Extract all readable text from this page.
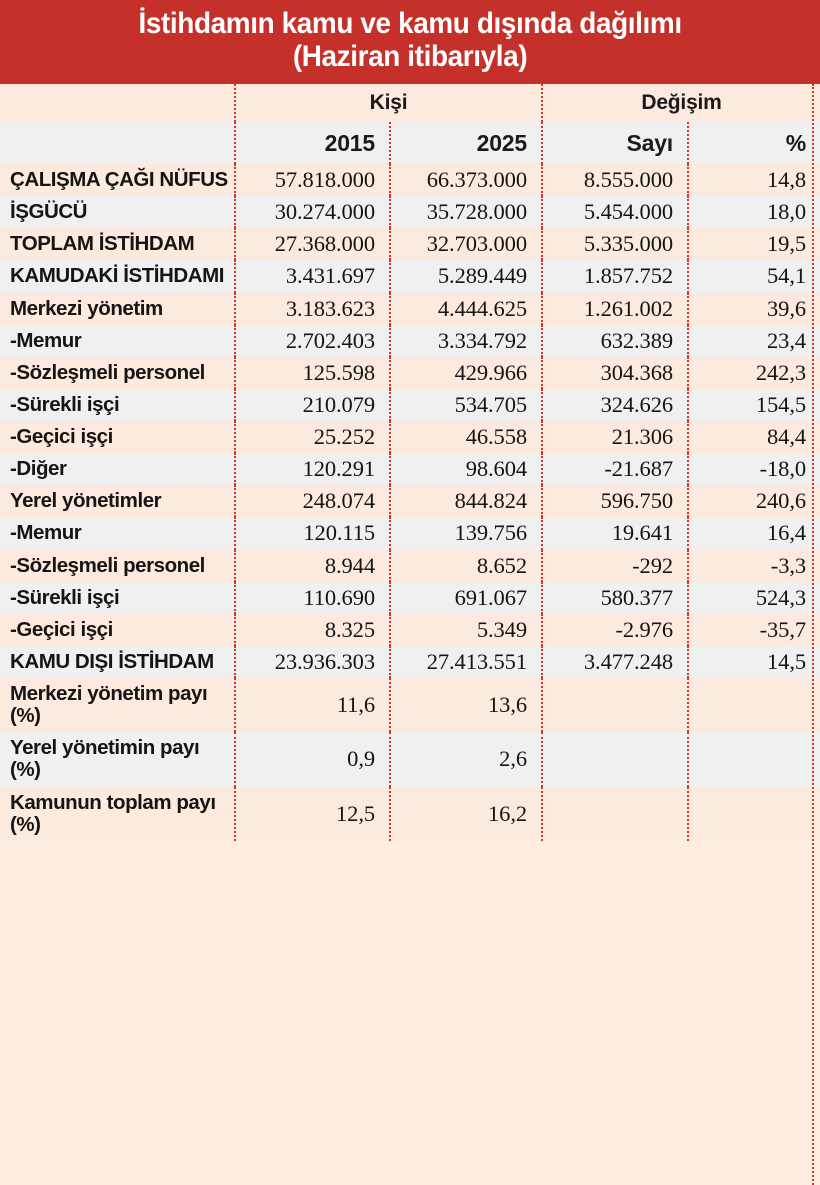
İstihdamın kamu ve kamu dışında dağılımı
(Haziran itibarıyla)
	Kişi		Değişim	
	2015	2025	Sayı	%
ÇALIŞMA ÇAĞI NÜFUS	57.818.000	66.373.000	8.555.000	14,8
İŞGÜCÜ	30.274.000	35.728.000	5.454.000	18,0
TOPLAM İSTİHDAM	27.368.000	32.703.000	5.335.000	19,5
KAMUDAKİ İSTİHDAMI	3.431.697	5.289.449	1.857.752	54,1
Merkezi yönetim	3.183.623	4.444.625	1.261.002	39,6
-Memur	2.702.403	3.334.792	632.389	23,4
-Sözleşmeli personel	125.598	429.966	304.368	242,3
-Sürekli işçi	210.079	534.705	324.626	154,5
-Geçici işçi	25.252	46.558	21.306	84,4
-Diğer	120.291	98.604	-21.687	-18,0
Yerel yönetimler	248.074	844.824	596.750	240,6
-Memur	120.115	139.756	19.641	16,4
-Sözleşmeli personel	8.944	8.652	-292	-3,3
-Sürekli işçi	110.690	691.067	580.377	524,3
-Geçici işçi	8.325	5.349	-2.976	-35,7
KAMU DIŞI İSTİHDAM	23.936.303	27.413.551	3.477.248	14,5
Merkezi yönetim payı (%)	11,6	13,6		
Yerel yönetimin payı (%)	0,9	2,6		
Kamunun toplam payı (%)	12,5	16,2		
